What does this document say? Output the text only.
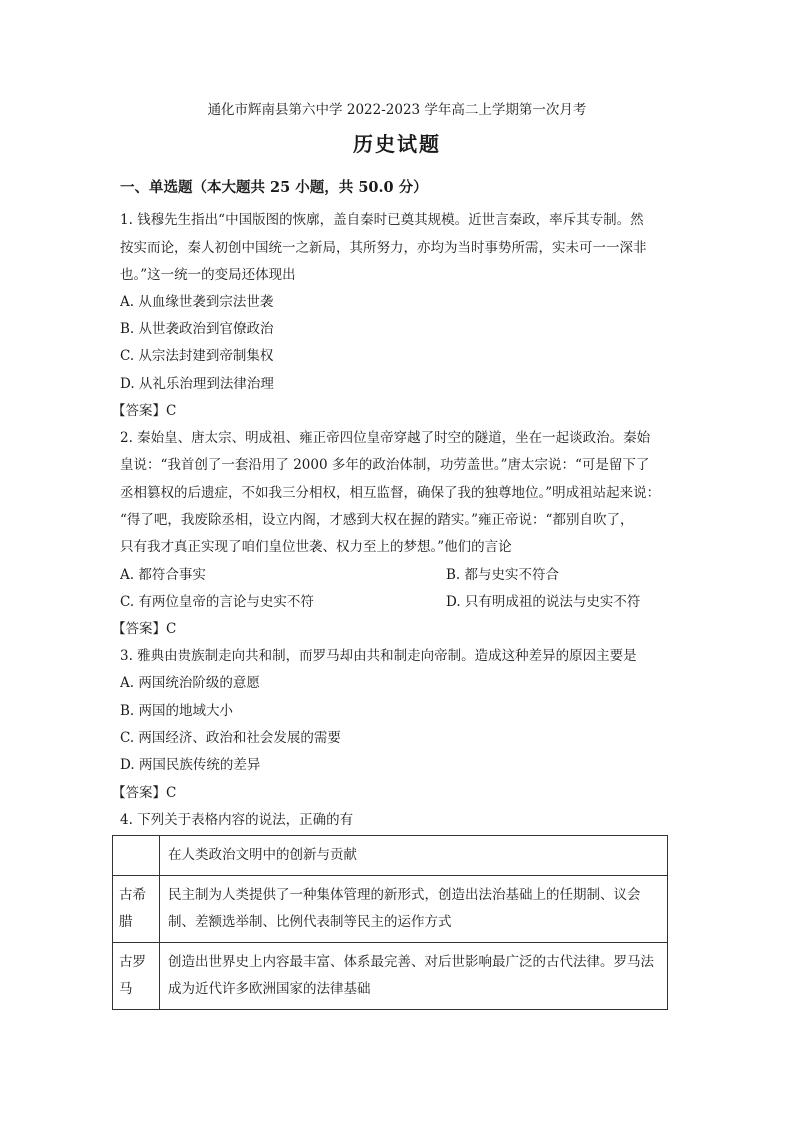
通化市辉南县第六中学 2022-2023 学年高二上学期第一次月考
历史试题
一、单选题（本大题共 25 小题，共 50.0 分）
1. 钱穆先生指出“中国版图的恢廓，盖自秦时已奠其规模。近世言秦政，率斥其专制。然
按实而论，秦人初创中国统一之新局，其所努力，亦均为当时事势所需，实未可一一深非
也。”这一统一的变局还体现出
A. 从血缘世袭到宗法世袭
B. 从世袭政治到官僚政治
C. 从宗法封建到帝制集权
D. 从礼乐治理到法律治理
【答案】C
2. 秦始皇、唐太宗、明成祖、雍正帝四位皇帝穿越了时空的隧道，坐在一起谈政治。秦始
皇说：“我首创了一套沿用了 2000 多年的政治体制，功劳盖世。”唐太宗说：“可是留下了
丞相篡权的后遗症，不如我三分相权，相互监督，确保了我的独尊地位。”明成祖站起来说：
“得了吧，我废除丞相，设立内阁，才感到大权在握的踏实。”雍正帝说：“都别自吹了，
只有我才真正实现了咱们皇位世袭、权力至上的梦想。”他们的言论
A. 都符合事实	B. 都与史实不符合
C. 有两位皇帝的言论与史实不符	D. 只有明成祖的说法与史实不符
【答案】C
3. 雅典由贵族制走向共和制，而罗马却由共和制走向帝制。造成这种差异的原因主要是
A. 两国统治阶级的意愿
B. 两国的地域大小
C. 两国经济、政治和社会发展的需要
D. 两国民族传统的差异
【答案】C
4. 下列关于表格内容的说法，正确的有
	在人类政治文明中的创新与贡献
古希腊	民主制为人类提供了一种集体管理的新形式，创造出法治基础上的任期制、议会制、差额选举制、比例代表制等民主的运作方式
古罗马	创造出世界史上内容最丰富、体系最完善、对后世影响最广泛的古代法律。罗马法成为近代许多欧洲国家的法律基础
